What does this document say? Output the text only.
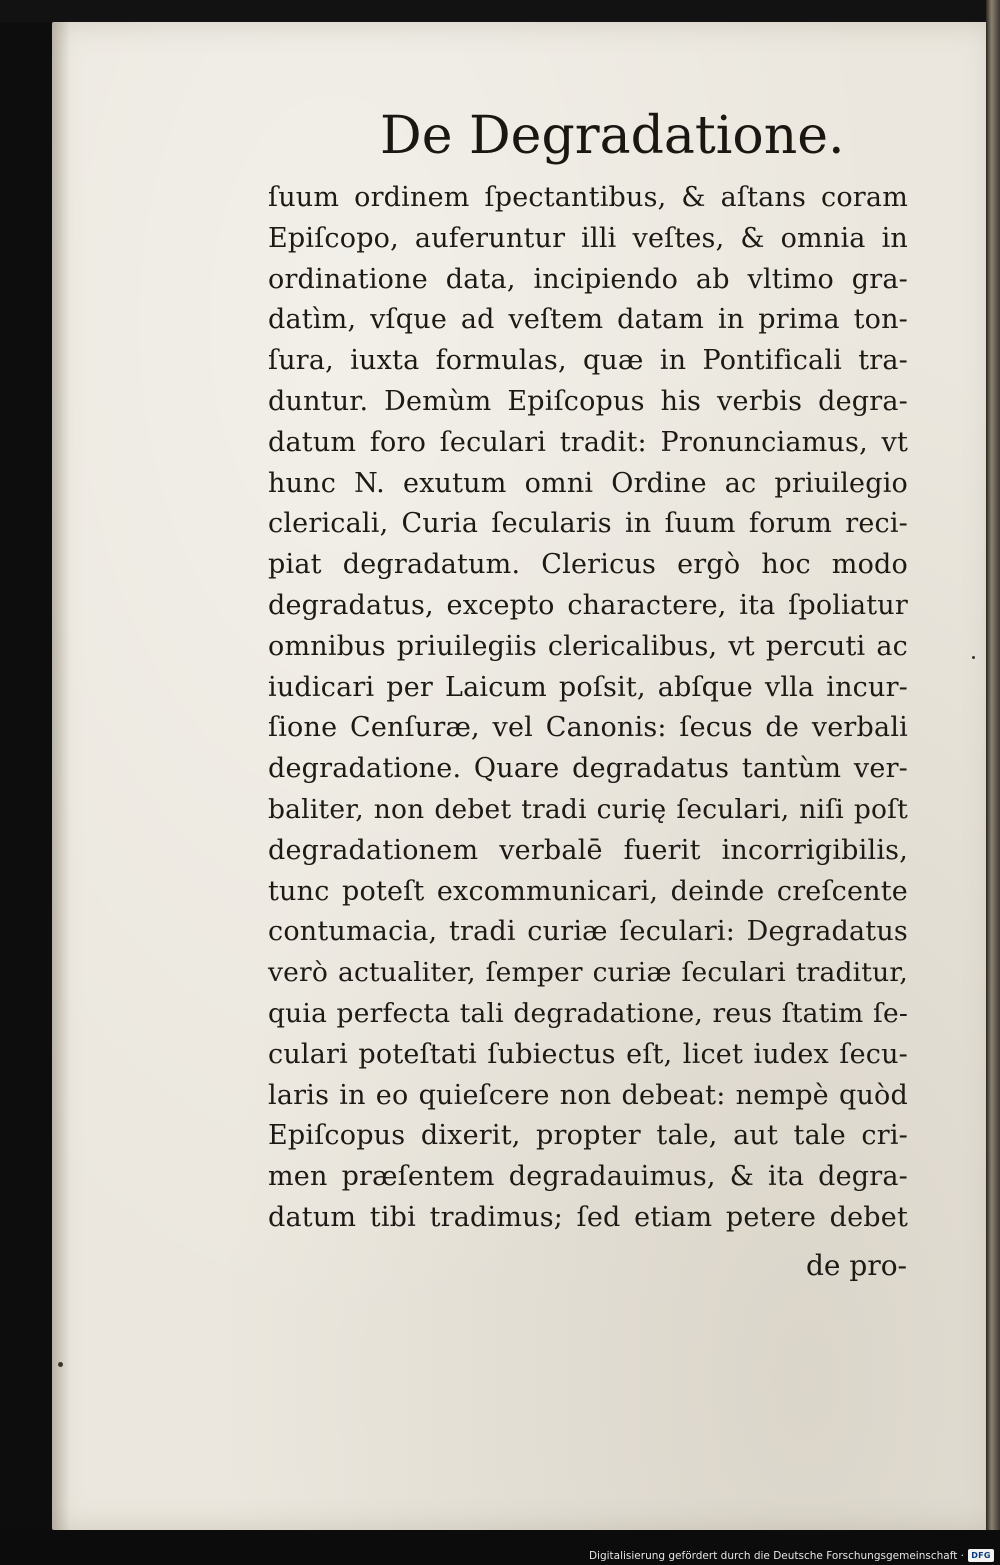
De Degradatione.
ſuum ordinem ſpectantibus, & aſtans coram
Epiſcopo, auferuntur illi veſtes, & omnia in
ordinatione data, incipiendo ab vltimo gra-
datìm, vſque ad veſtem datam in prima ton-
ſura, iuxta formulas, quæ in Pontificali tra-
duntur. Demùm Epiſcopus his verbis degra-
datum foro ſeculari tradit: Pronunciamus, vt
hunc N. exutum omni Ordine ac priuilegio
clericali, Curia ſecularis in ſuum forum reci-
piat degradatum. Clericus ergò hoc modo
degradatus, excepto charactere, ita ſpoliatur
omnibus priuilegiis clericalibus, vt percuti ac
iudicari per Laicum poſsit, abſque vlla incur-
ſione Cenſuræ, vel Canonis: ſecus de verbali
degradatione. Quare degradatus tantùm ver-
baliter, non debet tradi curię ſeculari, niſi poſt
degradationem verbalē fuerit incorrigibilis,
tunc poteſt excommunicari, deinde creſcente
contumacia, tradi curiæ ſeculari: Degradatus
verò actualiter, ſemper curiæ ſeculari traditur,
quia perfecta tali degradatione, reus ſtatim ſe-
culari poteſtati ſubiectus eſt, licet iudex ſecu-
laris in eo quieſcere non debeat: nempè quòd
Epiſcopus dixerit, propter tale, aut tale cri-
men præſentem degradauimus, & ita degra-
datum tibi tradimus; ſed etiam petere debet
de pro-
Digitalisierung gefördert durch die Deutsche Forschungsgemeinschaft · DFG
